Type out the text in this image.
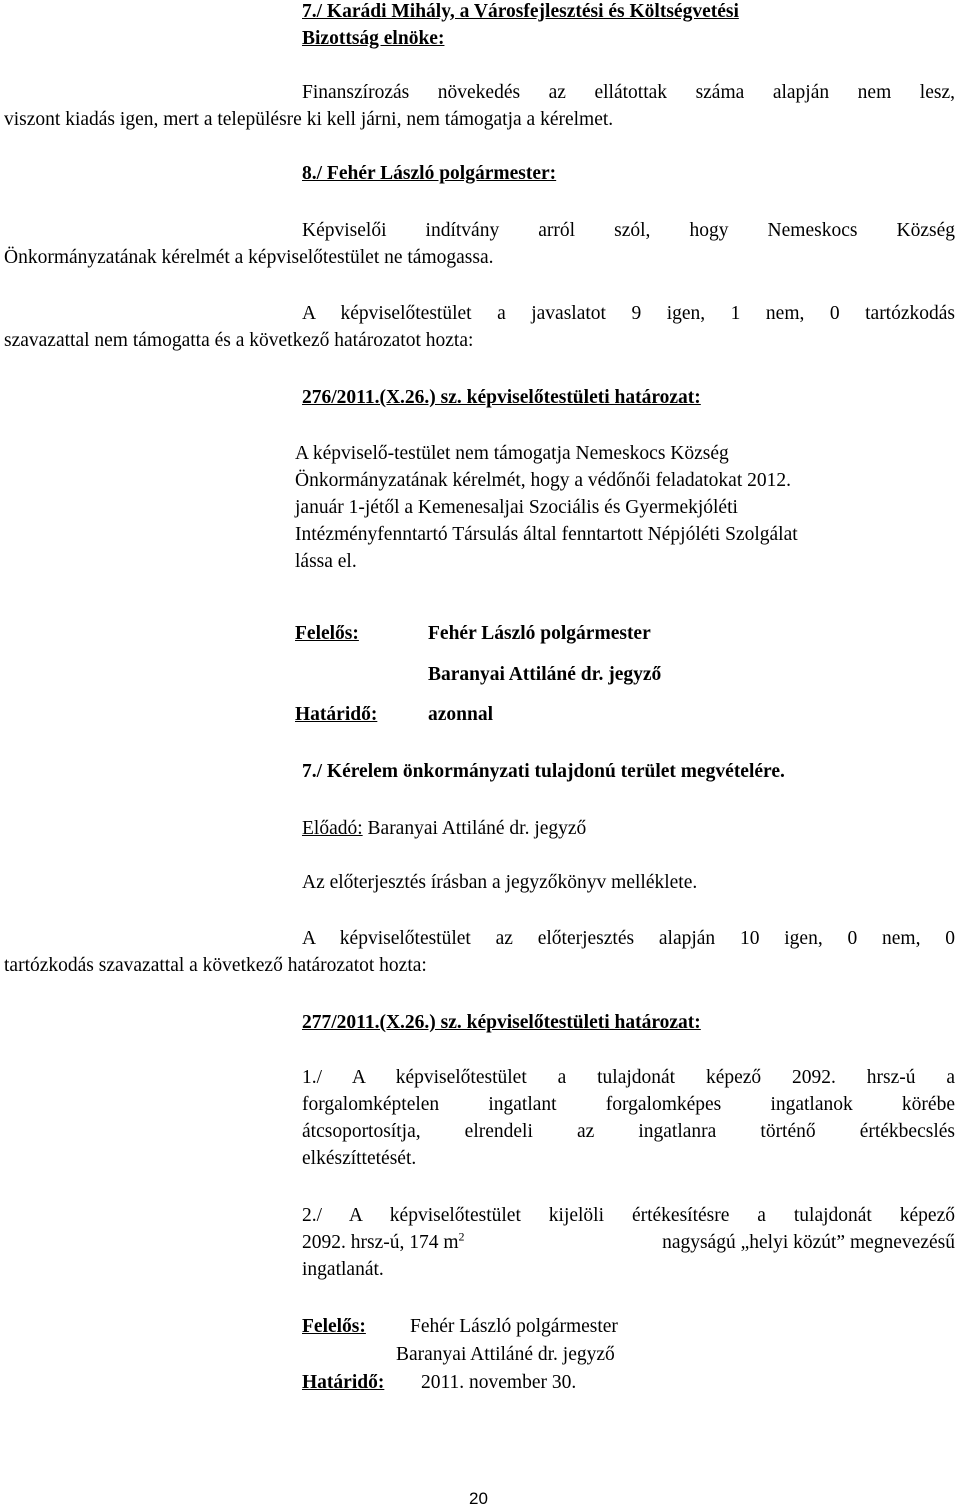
7./ Karádi Mihály, a Városfejlesztési és Költségvetési
Bizottság elnöke:
Finanszírozás növekedés az ellátottak száma alapján nem lesz,
viszont kiadás igen, mert a településre ki kell járni, nem támogatja a kérelmet.
8./ Fehér László polgármester:
Képviselői indítvány arról szól, hogy Nemeskocs Község
Önkormányzatának kérelmét a képviselőtestület ne támogassa.
A képviselőtestület a javaslatot 9 igen, 1 nem, 0 tartózkodás
szavazattal nem támogatta és a következő határozatot hozta:
276/2011.(X.26.) sz. képviselőtestületi határozat:
A képviselő-testület nem támogatja Nemeskocs Község
Önkormányzatának kérelmét, hogy a védőnői feladatokat 2012.
január 1-jétől a Kemenesaljai Szociális és Gyermekjóléti
Intézményfenntartó Társulás által fenntartott Népjóléti Szolgálat
lássa el.
Felelős:	Fehér László polgármester
Baranyai Attiláné dr. jegyző
Határidő:	azonnal
7./ Kérelem önkormányzati tulajdonú terület megvételére.
Előadó: Baranyai Attiláné dr. jegyző
Az előterjesztés írásban a jegyzőkönyv melléklete.
A képviselőtestület az előterjesztés alapján 10 igen, 0 nem, 0
tartózkodás szavazattal a következő határozatot hozta:
277/2011.(X.26.) sz. képviselőtestületi határozat:
1./ A képviselőtestület a tulajdonát képező 2092. hrsz-ú a
forgalomképtelen ingatlant forgalomképes ingatlanok körébe
átcsoportosítja, elrendeli az ingatlanra történő értékbecslés
elkészíttetését.
2./ A képviselőtestület kijelöli értékesítésre a tulajdonát képező
2092. hrsz-ú, 174 $m^2$	nagyságú „helyi közút” megnevezésű
ingatlanát.
Felelős: Fehér László polgármester
Baranyai Attiláné dr. jegyző
Határidő: 2011. november 30.
20
